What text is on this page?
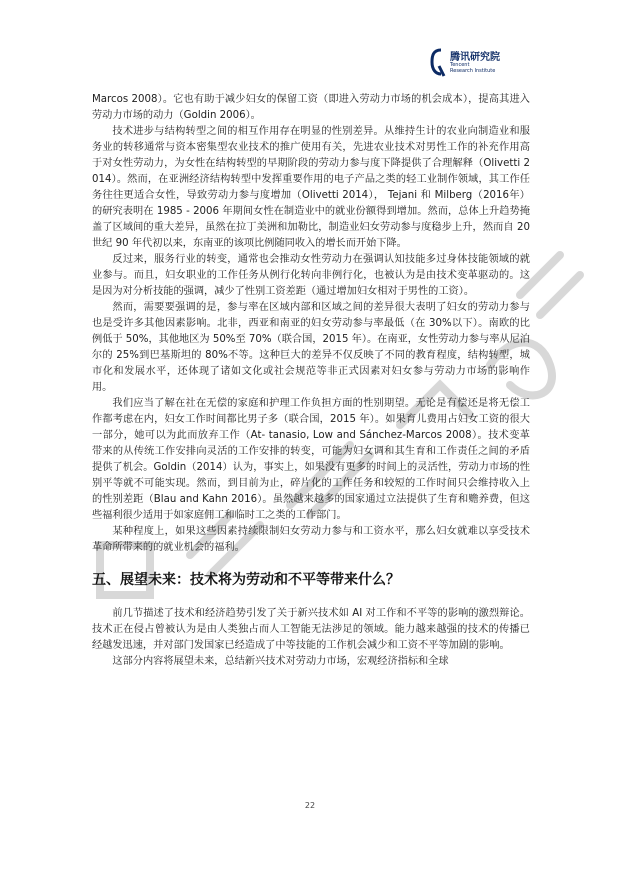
腾讯研究院
Tencent
Research Institute

Marcos 2008）。它也有助于减少妇女的保留工资（即进入劳动力市场的机会成本），提高其进入劳动力市场的动力（Goldin 2006）。

技术进步与结构转型之间的相互作用存在明显的性别差异。从维持生计的农业向制造业和服务业的转移通常与资本密集型农业技术的推广使用有关，先进农业技术对男性工作的补充作用高于对女性劳动力，为女性在结构转型的早期阶段的劳动力参与度下降提供了合理解释（Olivetti 2014）。然而，在亚洲经济结构转型中发挥重要作用的电子产品之类的轻工业制作领域，其工作任务往往更适合女性，导致劳动力参与度增加（Olivetti 2014）， Tejani 和 Milberg（2016年）的研究表明在 1985 - 2006 年期间女性在制造业中的就业份额得到增加。然而，总体上升趋势掩盖了区域间的重大差异，虽然在拉丁美洲和加勒比，制造业妇女劳动参与度稳步上升，然而自 20 世纪 90 年代初以来，东南亚的该项比例随同收入的增长而开始下降。

反过来，服务行业的转变，通常也会推动女性劳动力在强调认知技能多过身体技能领域的就业参与。而且，妇女职业的工作任务从例行化转向非例行化，也被认为是由技术变革驱动的。这是因为对分析技能的强调，减少了性别工资差距（通过增加妇女相对于男性的工资）。

然而，需要要强调的是，参与率在区域内部和区域之间的差异很大表明了妇女的劳动力参与也是受许多其他因素影响。北非，西亚和南亚的妇女劳动参与率最低（在 30%以下）。南欧的比例低于 50%，其他地区为 50%至 70%（联合国，2015 年）。在南亚，女性劳动力参与率从尼泊尔的 25%到巴基斯坦的 80%不等。这种巨大的差异不仅反映了不同的教育程度，结构转型，城市化和发展水平，还体现了诸如文化或社会规范等非正式因素对妇女参与劳动力市场的影响作用。

我们应当了解在社在无偿的家庭和护理工作负担方面的性别期望。无论是有偿还是将无偿工作都考虑在内，妇女工作时间都比男子多（联合国，2015 年）。如果育儿费用占妇女工资的很大一部分，她可以为此而放弃工作（At- tanasio, Low and Sánchez-Marcos 2008）。技术变革带来的从传统工作安排向灵活的工作安排的转变，可能为妇女调和其生育和工作责任之间的矛盾提供了机会。Goldin（2014）认为，事实上，如果没有更多的时间上的灵活性，劳动力市场的性别平等就不可能实现。然而，到目前为止，碎片化的工作任务和较短的工作时间只会维持收入上的性别差距（Blau and Kahn 2016）。虽然越来越多的国家通过立法提供了生育和赡养费，但这些福利很少适用于如家庭佣工和临时工之类的工作部门。

某种程度上，如果这些因素持续限制妇女劳动力参与和工资水平，那么妇女就难以享受技术革命所带来的的就业机会的福利。

五、展望未来：技术将为劳动和不平等带来什么？

前几节描述了技术和经济趋势引发了关于新兴技术如 AI 对工作和不平等的影响的激烈辩论。技术正在侵占曾被认为是由人类独占而人工智能无法涉足的领域。能力越来越强的技术的传播已经越发迅速，并对部门发国家已经造成了中等技能的工作机会减少和工资不平等加剧的影响。

这部分内容将展望未来，总结新兴技术对劳动力市场，宏观经济指标和全球

22
